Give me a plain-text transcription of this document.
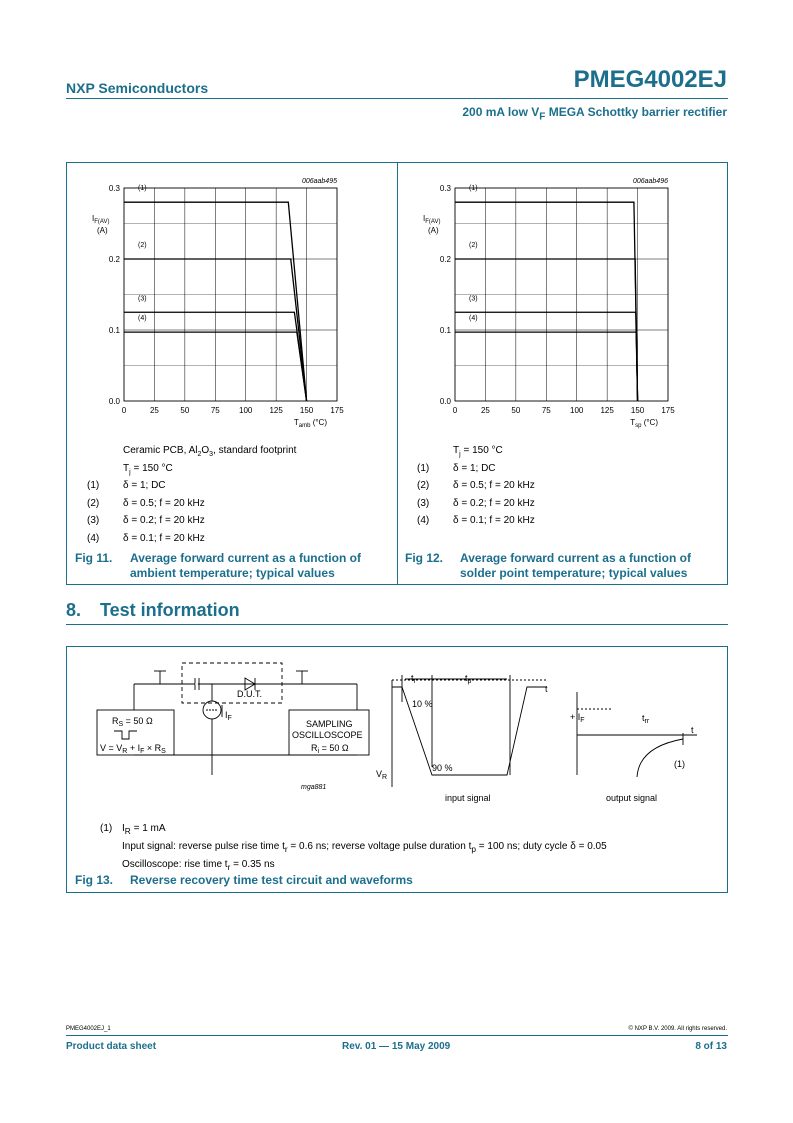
NXP Semiconductors	PMEG4002EJ
200 mA low $V_F$ MEGA Schottky barrier rectifier
0	25	50	75 100 125 150 175
0.0
0.1
0.2
0.3	(1)
(2)
(3)
(4)
$I_{F(AV)}$
(A)
$T_{amb}$ (°C)
006aab495
0	25	50	75 100 125 150 175
0.0
0.1
0.2
0.3	(1)
(2)
(3)
(4)
$I_{F(AV)}$
(A)
$T_{sp}$ (°C)
006aab496
Ceramic PCB, $Al_2O_3$, standard footprint
$T_j = 150$ °C
(1) δ = 1; DC
(2) δ = 0.5; f = 20 kHz
(3) δ = 0.2; f = 20 kHz
(4) δ = 0.1; f = 20 kHz
Fig 11.	Average forward current as a function of
ambient temperature; typical values
$T_j = 150$ °C
(1) δ = 1; DC
(2) δ = 0.5; f = 20 kHz
(3) δ = 0.2; f = 20 kHz
(4) δ = 0.1; f = 20 kHz
Fig 12.	Average forward current as a function of
solder point temperature; typical values
8. Test information
D.U.T.
$I_F$
$R_S = 50$ Ω
$V = V_R + I_F \times R_S$
SAMPLING
OSCILLOSCOPE
$R_i = 50$ Ω
mga881
$t_r$	$t_p$
t
10 %
90 %
$V_R$
input signal
+ $I_F$	$t_{rr}$
t
(1)
output signal
(1) $I_R = 1$ mA
Input signal: reverse pulse rise time $t_r = 0.6$ ns; reverse voltage pulse duration $t_p = 100$ ns; duty cycle δ = 0.05
Oscilloscope: rise time $t_r = 0.35$ ns
Fig 13.	Reverse recovery time test circuit and waveforms
PMEG4002EJ_1	© NXP B.V. 2009. All rights reserved.
Product data sheet	Rev. 01 — 15 May 2009	8 of 13
